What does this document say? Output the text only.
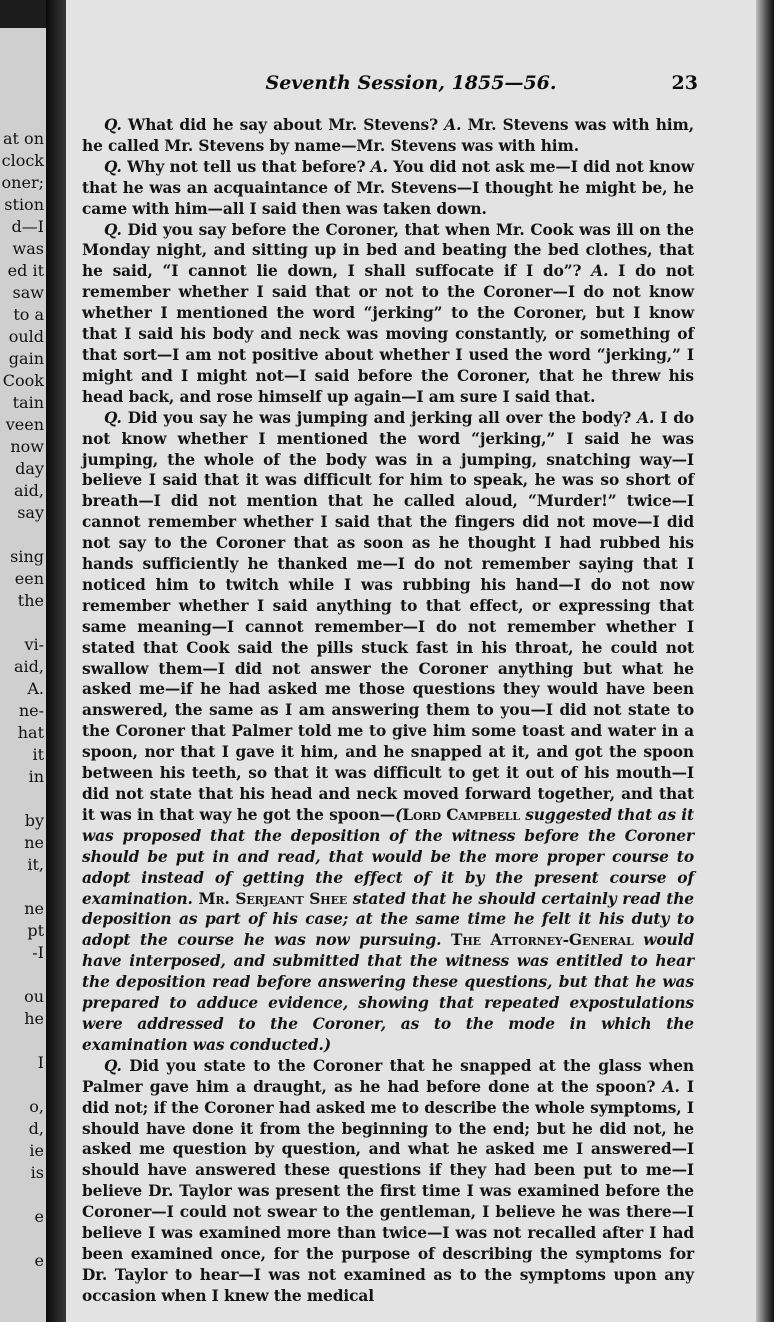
at on
clock
oner;
stion
d—I
was
ed it
saw
to a
ould
gain
Cook
tain
veen
now
day
aid,
say
sing
een
the
vi-
aid,
A.
ne-
hat
it
in
by
ne
it,
ne
pt
-I
ou
he
I
o,
d,
ie
is
e
e
Seventh Session, 1855—56.	23

Q. What did he say about Mr. Stevens? A. Mr. Stevens was with him, he called Mr. Stevens by name—Mr. Stevens was with him.

Q. Why not tell us that before? A. You did not ask me—I did not know that he was an acquaintance of Mr. Stevens—I thought he might be, he came with him—all I said then was taken down.

Q. Did you say before the Coroner, that when Mr. Cook was ill on the Monday night, and sitting up in bed and beating the bed clothes, that he said, “I cannot lie down, I shall suffocate if I do”? A. I do not remember whether I said that or not to the Coroner—I do not know whether I mentioned the word “jerking” to the Coroner, but I know that I said his body and neck was moving constantly, or something of that sort—I am not positive about whether I used the word “jerking,” I might and I might not—I said before the Coroner, that he threw his head back, and rose himself up again—I am sure I said that.

Q. Did you say he was jumping and jerking all over the body? A. I do not know whether I mentioned the word “jerking,” I said he was jumping, the whole of the body was in a jumping, snatching way—I believe I said that it was difficult for him to speak, he was so short of breath—I did not mention that he called aloud, “Murder!” twice—I cannot remember whether I said that the fingers did not move—I did not say to the Coroner that as soon as he thought I had rubbed his hands sufficiently he thanked me—I do not remember saying that I noticed him to twitch while I was rubbing his hand—I do not now remember whether I said anything to that effect, or expressing that same meaning—I cannot remember—I do not remember whether I stated that Cook said the pills stuck fast in his throat, he could not swallow them—I did not answer the Coroner anything but what he asked me—if he had asked me those questions they would have been answered, the same as I am answering them to you—I did not state to the Coroner that Palmer told me to give him some toast and water in a spoon, nor that I gave it him, and he snapped at it, and got the spoon between his teeth, so that it was difficult to get it out of his mouth—I did not state that his head and neck moved forward together, and that it was in that way he got the spoon—(Lord Campbell suggested that as it was proposed that the deposition of the witness before the Coroner should be put in and read, that would be the more proper course to adopt instead of getting the effect of it by the present course of examination. Mr. Serjeant Shee stated that he should certainly read the deposition as part of his case; at the same time he felt it his duty to adopt the course he was now pursuing. The Attorney-General would have interposed, and submitted that the witness was entitled to hear the deposition read before answering these questions, but that he was prepared to adduce evidence, showing that repeated expostulations were addressed to the Coroner, as to the mode in which the examination was conducted.)

Q. Did you state to the Coroner that he snapped at the glass when Palmer gave him a draught, as he had before done at the spoon? A. I did not; if the Coroner had asked me to describe the whole symptoms, I should have done it from the beginning to the end; but he did not, he asked me question by question, and what he asked me I answered—I should have answered these questions if they had been put to me—I believe Dr. Taylor was present the first time I was examined before the Coroner—I could not swear to the gentleman, I believe he was there—I believe I was examined more than twice—I was not recalled after I had been examined once, for the purpose of describing the symptoms for Dr. Taylor to hear—I was not examined as to the symptoms upon any occasion when I knew the medical
